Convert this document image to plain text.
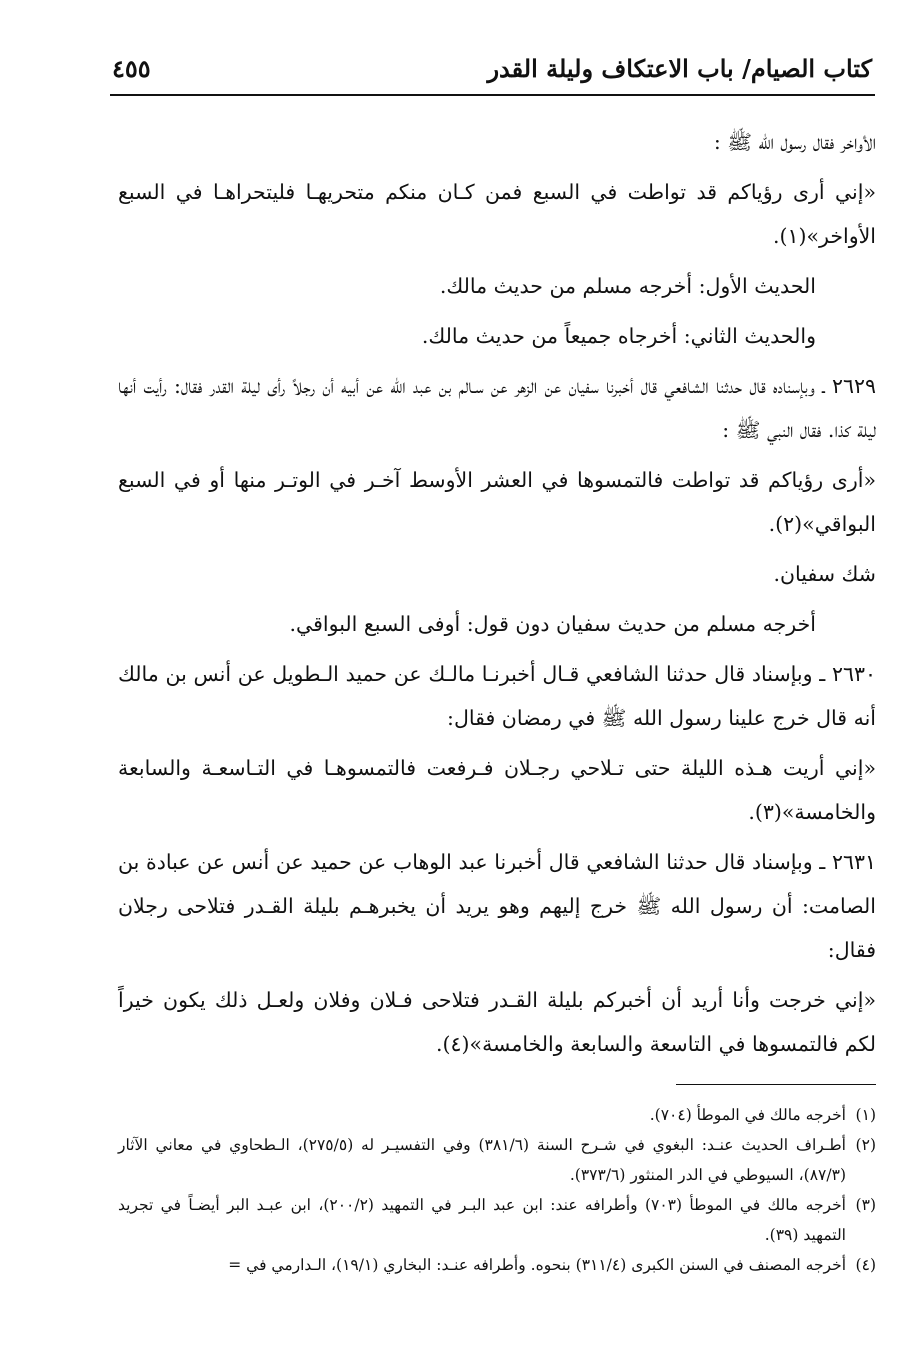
كتاب الصيام/ باب الاعتكاف وليلة القدر
٤٥٥

الأواخر فقال رسول الله ﷺ :

«إني أرى رؤياكم قد تواطت في السبع فمن كـان منكم متحريهـا فليتحراهـا في السبع الأواخر»(١).

الحديث الأول: أخرجه مسلم من حديث مالك.

والحديث الثاني: أخرجاه جميعاً من حديث مالك.

٢٦٢٩ ـ وبإسناده قال حدثنا الشافعي قال أخبرنا سفيان عن الزهر عن سـالم بن عبد الله عن أبيه أن رجلاً رأى ليلة القدر فقال: رأيت أنها ليلة كذا. فقال النبي ﷺ :

«أرى رؤياكم قد تواطت فالتمسوها في العشر الأوسط آخـر في الوتـر منها أو في السبع البواقي»(٢).

شك سفيان.

أخرجه مسلم من حديث سفيان دون قول: أوفى السبع البواقي.

٢٦٣٠ ـ وبإسناد قال حدثنا الشافعي قـال أخبرنـا مالـك عن حميد الـطويل عن أنس بن مالك أنه قال خرج علينا رسول الله ﷺ في رمضان فقال:

«إني أريت هـذه الليلة حتى تـلاحي رجـلان فـرفعت فالتمسوهـا في التـاسعـة والسابعة والخامسة»(٣).

٢٦٣١ ـ وبإسناد قال حدثنا الشافعي قال أخبرنا عبد الوهاب عن حميد عن أنس عن عبادة بن الصامت: أن رسول الله ﷺ خرج إليهم وهو يريد أن يخبرهـم بليلة القـدر فتلاحى رجلان فقال:

«إني خرجت وأنا أريد أن أخبركم بليلة القـدر فتلاحى فـلان وفلان ولعـل ذلك يكون خيراً لكم فالتمسوها في التاسعة والسابعة والخامسة»(٤).

(١)
أخرجه مالك في الموطأ (٧٠٤).
(٢)
أطـراف الحديث عنـد: البغوي في شـرح السنة (٣٨١/٦) وفي التفسيـر له (٢٧٥/٥)، الـطحاوي في معاني الآثار (٨٧/٣)، السيوطي في الدر المنثور (٣٧٣/٦).
(٣)
أخرجه مالك في الموطأ (٧٠٣) وأطرافه عند: ابن عبد البـر في التمهيد (٢٠٠/٢)، ابن عبـد البر أيضـاً في تجريد التمهيد (٣٩).
(٤)
أخرجه المصنف في السنن الكبرى (٣١١/٤) بنحوه. وأطرافه عنـد: البخاري (١٩/١)، الـدارمي في =
